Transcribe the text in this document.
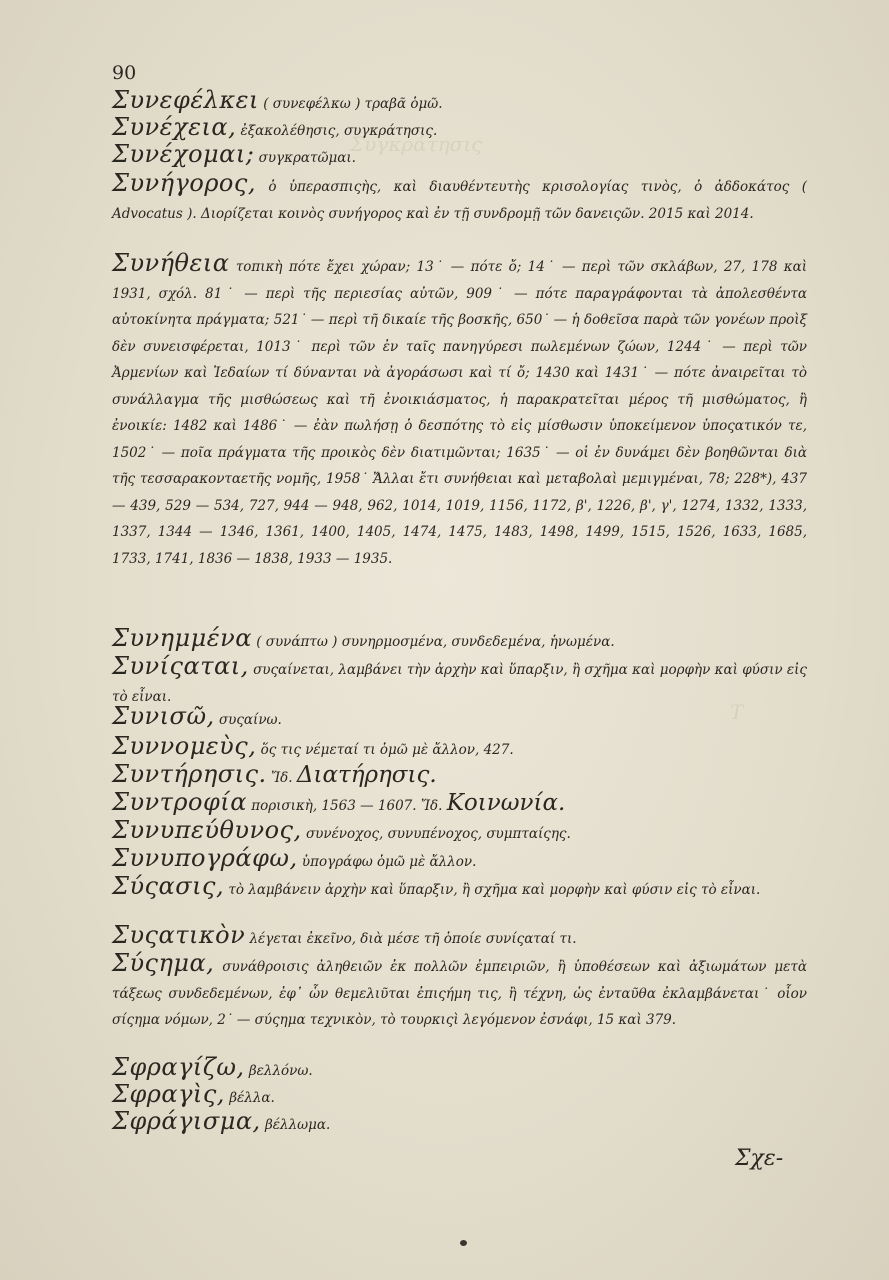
Συγκράτησις
Τ
90
Συνεφέλκει ( συνεφέλκω ) τραβᾶ ὁμῶ.
Συνέχεια, ἐξακολέθησις, συγκράτησις.
Συνέχομαι; συγκρατῶμαι.
Συνήγορος, ὁ ὑπερασπιςὴς, καὶ διαυθέντευτὴς κρισολογίας τινὸς, ὁ ἀδδοκάτος ( Advocatus ). Διορίζεται κοινὸς συνήγορος καὶ ἐν τῇ συνδρομῇ τῶν δανειςῶν. 2015 καὶ 2014.
Συνήθεια τοπικὴ πότε ἔχει χώραν; 13˙ — πότε ὄ; 14˙ — περὶ τῶν σκλάβων, 27, 178 καὶ 1931, σχόλ. 81˙ — περὶ τῆς περιεσίας αὐτῶν, 909˙ — πότε παραγράφονται τὰ ἀπολεσθέντα αὐτοκίνητα πράγματα; 521˙ — περὶ τῆ δικαίε τῆς βοσκῆς, 650˙ — ἡ δοθεῖσα παρὰ τῶν γονέων προὶξ δὲν συνεισφέρεται, 1013˙ περὶ τῶν ἐν ταῖς πανηγύρεσι πωλεμένων ζώων, 1244˙ — περὶ τῶν Ἀρμενίων καὶ Ἰεδαίων τί δύνανται νὰ ἀγοράσωσι καὶ τί ὄ; 1430 καὶ 1431˙ — πότε ἀναιρεῖται τὸ συνάλλαγμα τῆς μισθώσεως καὶ τῆ ἐνοικιάσματος, ἡ παρακρατεῖται μέρος τῆ μισθώματος, ἢ ἐνοικίε: 1482 καὶ 1486˙ — ἐὰν πωλήσῃ ὁ δεσπότης τὸ εἰς μίσθωσιν ὑποκείμενον ὑποςατικόν τε, 1502˙ — ποῖα πράγματα τῆς προικὸς δὲν διατιμῶνται; 1635˙ — οἱ ἐν δυνάμει δὲν βοηθῶνται διὰ τῆς τεσσαρακονταετῆς νομῆς, 1958˙ Ἄλλαι ἔτι συνήθειαι καὶ μεταβολαὶ μεμιγμέναι, 78; 228*), 437 — 439, 529 — 534, 727, 944 — 948, 962, 1014, 1019, 1156, 1172, β', 1226, β', γ', 1274, 1332, 1333, 1337, 1344 — 1346, 1361, 1400, 1405, 1474, 1475, 1483, 1498, 1499, 1515, 1526, 1633, 1685, 1733, 1741, 1836 — 1838, 1933 — 1935.
Συνημμένα ( συνάπτω ) συνηρμοσμένα, συνδεδεμένα, ἡνωμένα.
Συνίςαται, συςαίνεται, λαμβάνει τὴν ἀρχὴν καὶ ὕπαρξιν, ἢ σχῆμα καὶ μορφὴν καὶ φύσιν εἰς τὸ εἶναι.
Συνισῶ, συςαίνω.
Συννομεὺς, ὅς τις νέμεταί τι ὁμῶ μὲ ἄλλον, 427.
Συντήρησις. Ἴδ. Διατήρησις.
Συντροφία πορισικὴ, 1563 — 1607. Ἴδ. Κοινωνία.
Συνυπεύθυνος, συνένοχος, συνυπένοχος, συμπταίςης.
Συνυπογράφω, ὑπογράφω ὁμῶ μὲ ἄλλον.
Σύςασις, τὸ λαμβάνειν ἀρχὴν καὶ ὕπαρξιν, ἢ σχῆμα καὶ μορφὴν καὶ φύσιν εἰς τὸ εἶναι.
Συςατικὸν λέγεται ἐκεῖνο, διὰ μέσε τῆ ὁποίε συνίςαταί τι.
Σύςημα, συνάθροισις ἀληθειῶν ἐκ πολλῶν ἐμπειριῶν, ἢ ὑποθέσεων καὶ ἀξιωμάτων μετὰ τάξεως συνδεδεμένων, ἐφ᾽ ὧν θεμελιῦται ἐπιςήμη τις, ἢ τέχνη, ὡς ἐνταῦθα ἐκλαμβάνεται˙ οἷον σίςημα νόμων, 2˙ — σύςημα τεχνικὸν, τὸ τουρκιςὶ λεγόμενον ἐσνάφι, 15 καὶ 379.
Σφραγίζω, βελλόνω.
Σφραγὶς, βέλλα.
Σφράγισμα, βέλλωμα.
Σχε-
